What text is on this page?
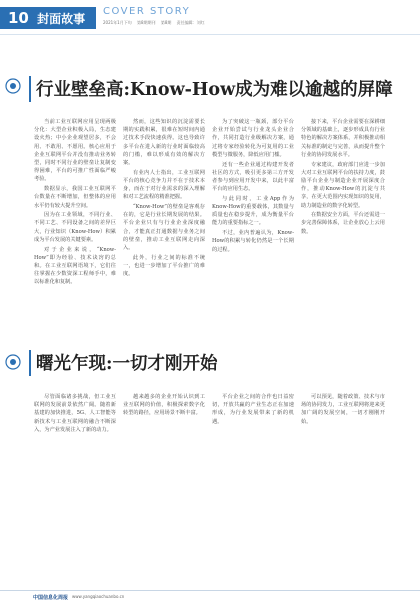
10 封面故事
COVER STORY
2021年1月下旬 第8期期刊 第8期 责任编辑：刘红
行业壁垒高:Know-How成为难以逾越的屏障

当前工业互联网应用呈现两极分化：大型企业积极入局，生态建设火热；中小企业观望居多，不会用、不敢用、不愿用。核心应用于企业互联网平台并没有推动业务转型，同时不同行业的壁垒让复制变得困难，平台的可推广性面临严峻考验。

数据显示，我国工业互联网平台数量在不断增加，但整体的应用水平仍有较大提升空间。

因为在工业领域，不同行业、不同工艺、不同设备之间的差异巨大，行业知识（Know-How）积累成为平台发展的关键要素。

对于企业来说，“Know-How”即为经验、技术诀窍的总和。在工业互联网语境下，它们往往掌握在少数资深工程师手中，难以标准化和复制。

然而，这些知识的沉淀需要长期的实践积累，很难在短时间内通过技术手段快速获得。这也导致许多平台在进入新的行业时面临较高的门槛，难以形成有效的解决方案。

有业内人士指出，工业互联网平台的核心竞争力并不在于技术本身，而在于对行业需求的深入理解和对工艺流程的精准把握。

“Know-How”的壁垒是客观存在的，它是行业长期发展的结果。平台企业只有与行业企业深度融合，才能真正打通数据与业务之间的壁垒，推动工业互联网走向深入。

此外，行业之间的标准不统一，也进一步增加了平台推广的难度。

为了突破这一瓶颈，部分平台企业开始尝试与行业龙头企业合作，共同打造行业级解决方案，通过将专家经验转化为可复用的工业模型与微服务，降低应用门槛。

还有一些企业通过构建开发者社区的方式，吸引更多第三方开发者参与到应用开发中来，以此丰富平台的应用生态。

与此同时，工业App作为Know-How的重要载体，其数量与质量也在稳步提升，成为衡量平台能力的重要指标之一。

不过，业内普遍认为，Know-How的积累与转化仍然是一个长期的过程。

接下来，平台企业需要在深耕细分领域的基础上，逐步形成具有行业特色的解决方案体系，并积极推动相关标准的制定与完善，从而提升整个行业的协同发展水平。

专家建议，政府部门应进一步加大对工业互联网平台的扶持力度，鼓励平台企业与制造企业开展深度合作，推动Know-How的沉淀与共享，在更大范围内实现知识的复用，助力制造业的数字化转型。

在数据安全方面，平台还需进一步完善保障体系，让企业放心上云用数。

曙光乍现:一切才刚开始

尽管面临诸多挑战，但工业互联网的发展前景依然广阔。随着新基建的加快推进，5G、人工智能等新技术与工业互联网的融合不断深入，为产业发展注入了新的动力。

越来越多的企业开始认识到工业互联网的价值，积极探索数字化转型的路径，应用场景不断丰富。

平台企业之间的合作也日益密切，开放共赢的产业生态正在加速形成，为行业发展带来了新的机遇。

可以预见，随着政策、技术与市场的协同发力，工业互联网将迎来更加广阔的发展空间，一切才刚刚开始。

中国信息化周报 www.yangqiaochuanbo.cn
